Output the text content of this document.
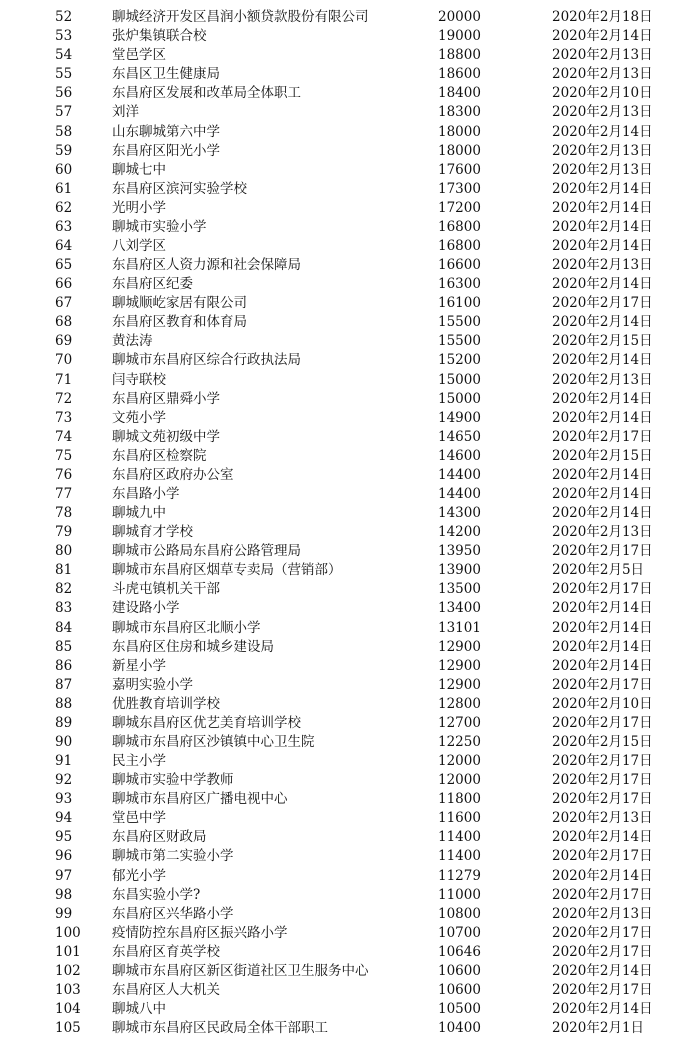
52	聊城经济开发区昌润小额贷款股份有限公司	20000	2020年2月18日
53	张炉集镇联合校	19000	2020年2月14日
54	堂邑学区	18800	2020年2月13日
55	东昌区卫生健康局	18600	2020年2月13日
56	东昌府区发展和改革局全体职工	18400	2020年2月10日
57	刘洋	18300	2020年2月13日
58	山东聊城第六中学	18000	2020年2月14日
59	东昌府区阳光小学	18000	2020年2月13日
60	聊城七中	17600	2020年2月13日
61	东昌府区滨河实验学校	17300	2020年2月14日
62	光明小学	17200	2020年2月14日
63	聊城市实验小学	16800	2020年2月14日
64	八刘学区	16800	2020年2月14日
65	东昌府区人资力源和社会保障局	16600	2020年2月13日
66	东昌府区纪委	16300	2020年2月14日
67	聊城顺屹家居有限公司	16100	2020年2月17日
68	东昌府区教育和体育局	15500	2020年2月14日
69	黄法涛	15500	2020年2月15日
70	聊城市东昌府区综合行政执法局	15200	2020年2月14日
71	闫寺联校	15000	2020年2月13日
72	东昌府区鼎舜小学	15000	2020年2月14日
73	文苑小学	14900	2020年2月14日
74	聊城文苑初级中学	14650	2020年2月17日
75	东昌府区检察院	14600	2020年2月15日
76	东昌府区政府办公室	14400	2020年2月14日
77	东昌路小学	14400	2020年2月14日
78	聊城九中	14300	2020年2月14日
79	聊城育才学校	14200	2020年2月13日
80	聊城市公路局东昌府公路管理局	13950	2020年2月17日
81	聊城市东昌府区烟草专卖局（营销部）	13900	2020年2月5日
82	斗虎屯镇机关干部	13500	2020年2月17日
83	建设路小学	13400	2020年2月14日
84	聊城市东昌府区北顺小学	13101	2020年2月14日
85	东昌府区住房和城乡建设局	12900	2020年2月14日
86	新星小学	12900	2020年2月14日
87	嘉明实验小学	12900	2020年2月17日
88	优胜教育培训学校	12800	2020年2月10日
89	聊城东昌府区优艺美育培训学校	12700	2020年2月17日
90	聊城市东昌府区沙镇镇中心卫生院	12250	2020年2月15日
91	民主小学	12000	2020年2月17日
92	聊城市实验中学教师	12000	2020年2月17日
93	聊城市东昌府区广播电视中心	11800	2020年2月17日
94	堂邑中学	11600	2020年2月13日
95	东昌府区财政局	11400	2020年2月14日
96	聊城市第二实验小学	11400	2020年2月17日
97	郁光小学	11279	2020年2月14日
98	东昌实验小学?	11000	2020年2月17日
99	东昌府区兴华路小学	10800	2020年2月13日
100	疫情防控东昌府区振兴路小学	10700	2020年2月17日
101	东昌府区育英学校	10646	2020年2月17日
102	聊城市东昌府区新区街道社区卫生服务中心	10600	2020年2月14日
103	东昌府区人大机关	10600	2020年2月17日
104	聊城八中	10500	2020年2月14日
105	聊城市东昌府区民政局全体干部职工	10400	2020年2月1日
